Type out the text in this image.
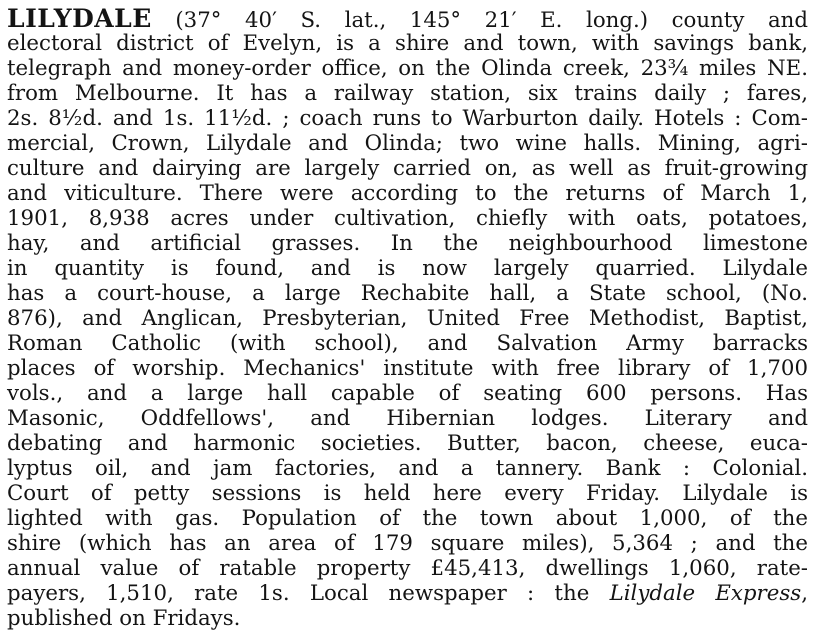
LILYDALE (37° 40′ S. lat., 145° 21′ E. long.) county and
electoral district of Evelyn, is a shire and town, with savings bank,
telegraph and money-order office, on the Olinda creek, 23¾ miles NE.
from Melbourne. It has a railway station, six trains daily ; fares,
2s. 8½d. and 1s. 11½d. ; coach runs to Warburton daily. Hotels : Com-
mercial, Crown, Lilydale and Olinda; two wine halls. Mining, agri-
culture and dairying are largely carried on, as well as fruit-growing
and viticulture. There were according to the returns of March 1,
1901, 8,938 acres under cultivation, chiefly with oats, potatoes,
hay, and artificial grasses. In the neighbourhood limestone
in quantity is found, and is now largely quarried. Lilydale
has a court-house, a large Rechabite hall, a State school, (No.
876), and Anglican, Presbyterian, United Free Methodist, Baptist,
Roman Catholic (with school), and Salvation Army barracks
places of worship. Mechanics' institute with free library of 1,700
vols., and a large hall capable of seating 600 persons. Has
Masonic, Oddfellows', and Hibernian lodges. Literary and
debating and harmonic societies. Butter, bacon, cheese, euca-
lyptus oil, and jam factories, and a tannery. Bank : Colonial.
Court of petty sessions is held here every Friday. Lilydale is
lighted with gas. Population of the town about 1,000, of the
shire (which has an area of 179 square miles), 5,364 ; and the
annual value of ratable property £45,413, dwellings 1,060, rate-
payers, 1,510, rate 1s. Local newspaper : the Lilydale Express,
published on Fridays.
